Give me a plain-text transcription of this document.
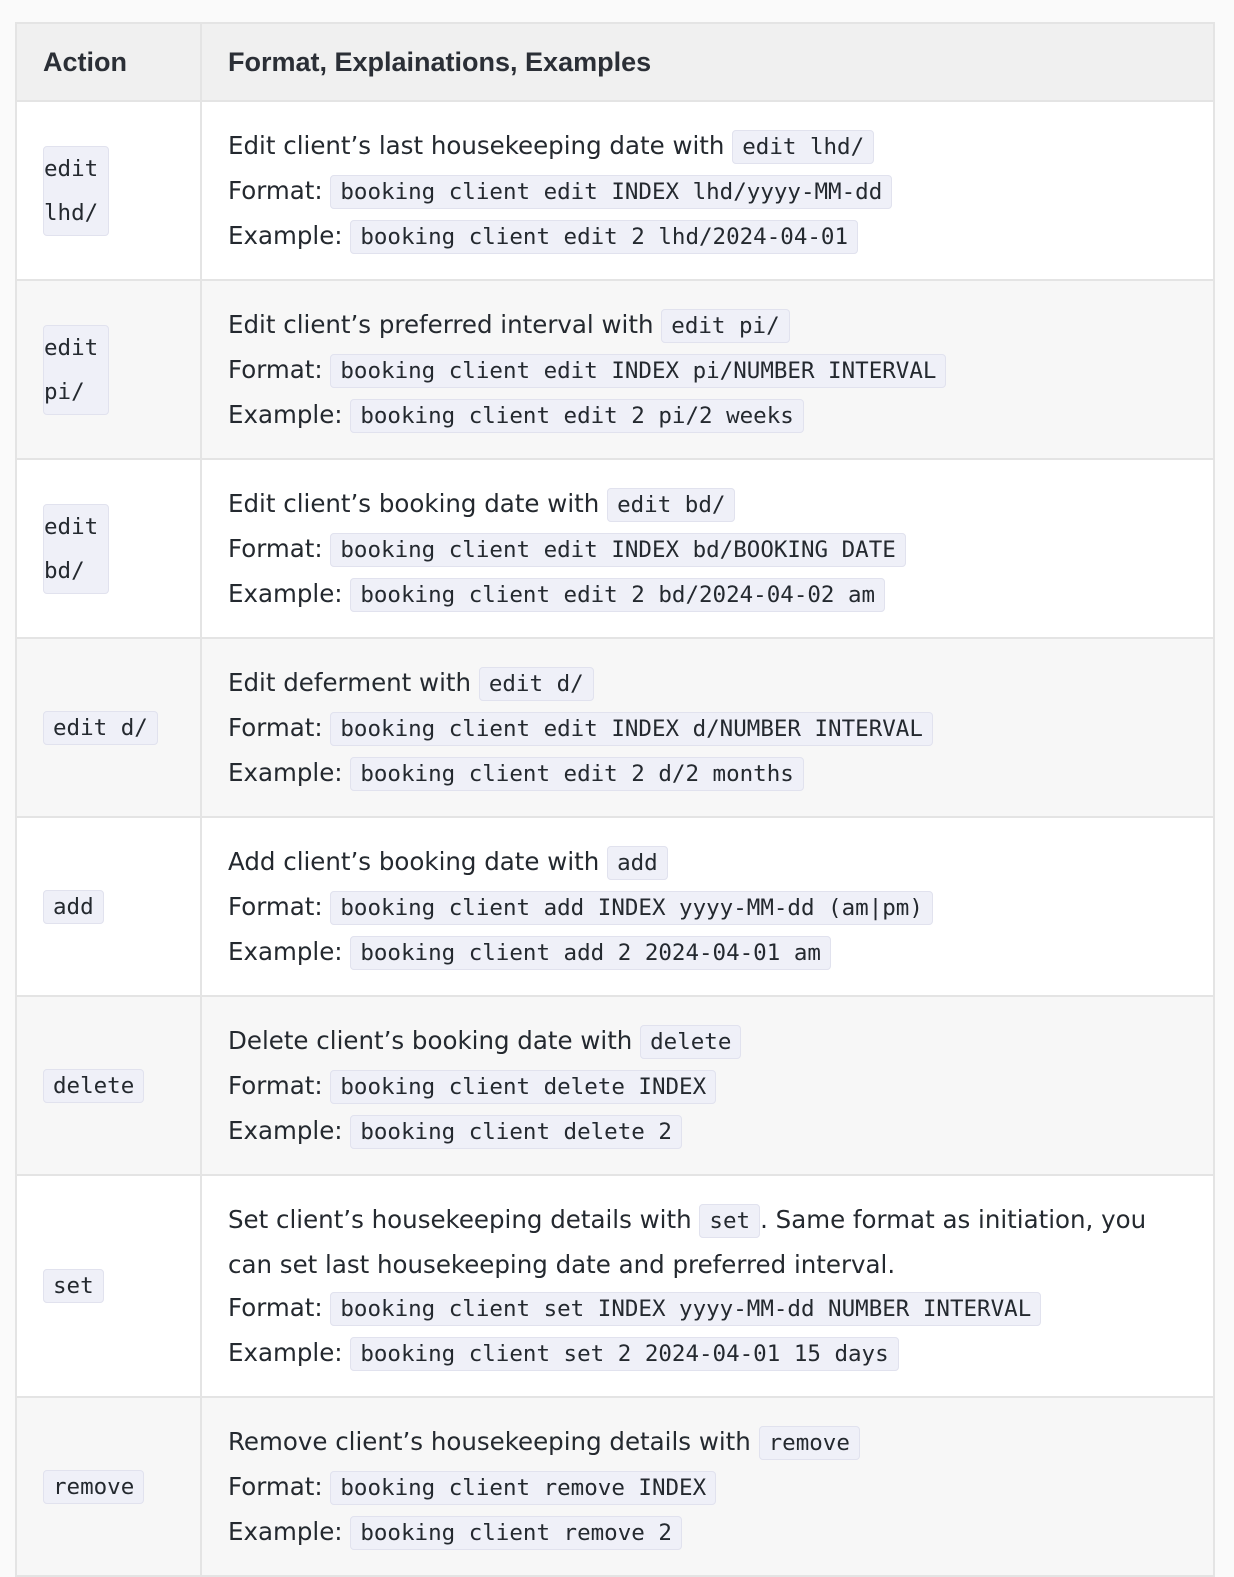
Action	Format, Explainations, Examples
edit lhd/	Edit client’s last housekeeping date with edit lhd/
Format: booking client edit INDEX lhd/yyyy-MM-dd
Example: booking client edit 2 lhd/2024-04-01

edit pi/	Edit client’s preferred interval with edit pi/
Format: booking client edit INDEX pi/NUMBER INTERVAL
Example: booking client edit 2 pi/2 weeks

edit bd/	Edit client’s booking date with edit bd/
Format: booking client edit INDEX bd/BOOKING DATE
Example: booking client edit 2 bd/2024-04-02 am

edit d/	Edit deferment with edit d/
Format: booking client edit INDEX d/NUMBER INTERVAL
Example: booking client edit 2 d/2 months

add	Add client’s booking date with add
Format: booking client add INDEX yyyy-MM-dd (am|pm)
Example: booking client add 2 2024-04-01 am

delete	Delete client’s booking date with delete
Format: booking client delete INDEX
Example: booking client delete 2

set	Set client’s housekeeping details with set . Same format as initiation, you can set last housekeeping date and preferred interval.
Format: booking client set INDEX yyyy-MM-dd NUMBER INTERVAL
Example: booking client set 2 2024-04-01 15 days

remove	Remove client’s housekeeping details with remove
Format: booking client remove INDEX
Example: booking client remove 2
